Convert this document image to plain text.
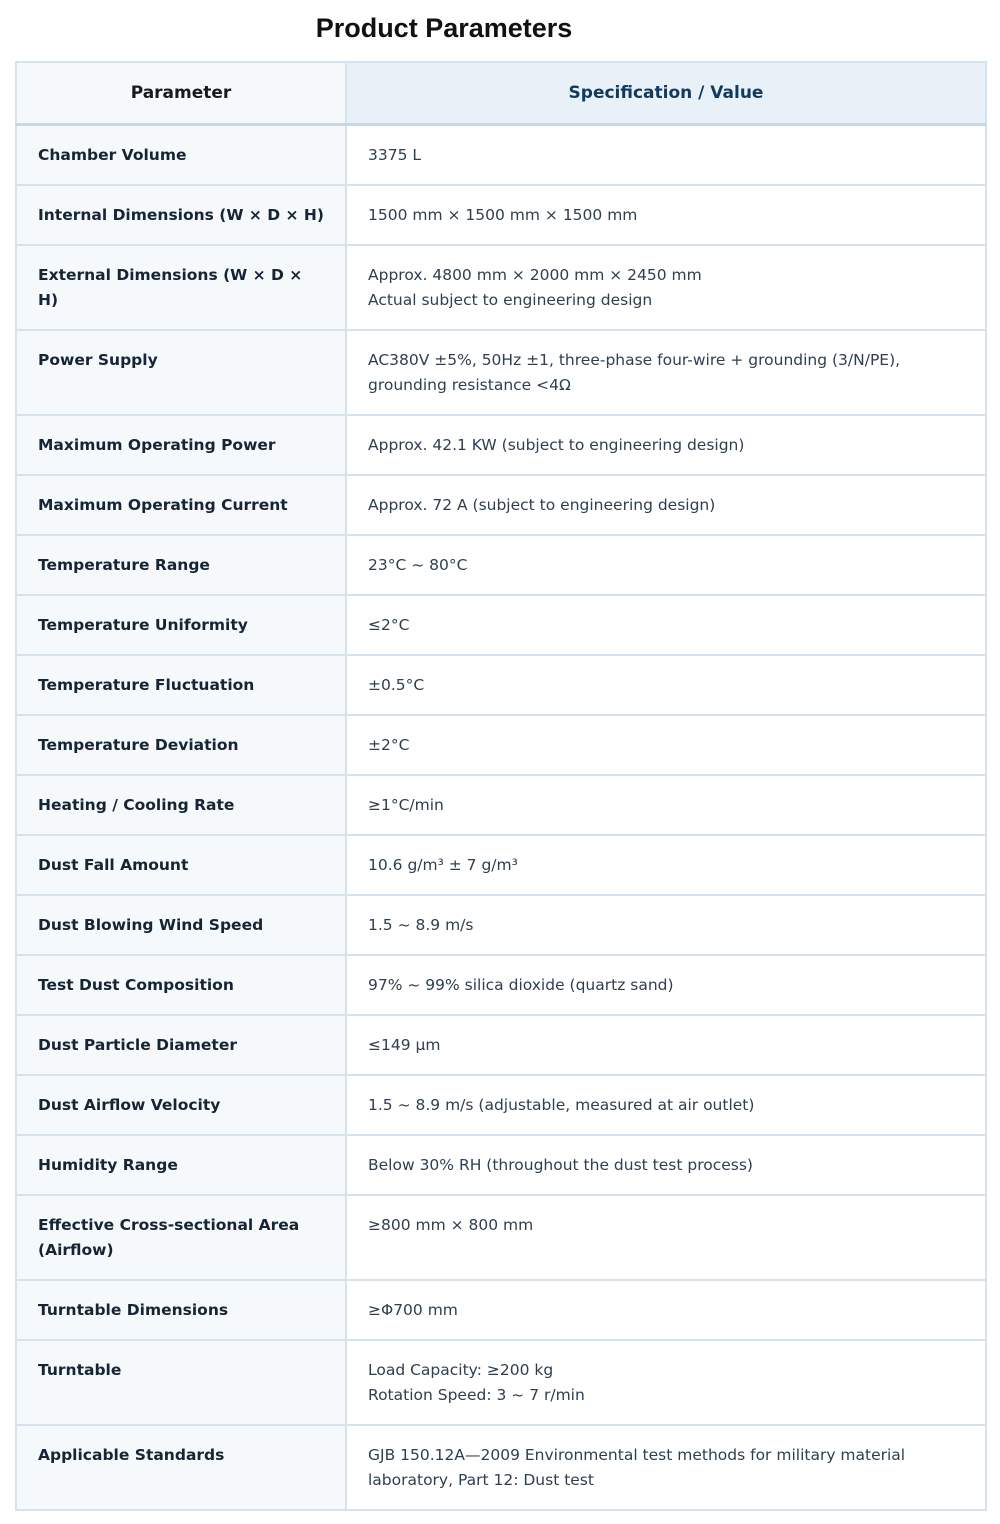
Product Parameters
Parameter	Specification / Value
Chamber Volume	3375 L
Internal Dimensions (W × D × H)	1500 mm × 1500 mm × 1500 mm
External Dimensions (W × D × H)	Approx. 4800 mm × 2000 mm × 2450 mm
Actual subject to engineering design

Power Supply	AC380V ±5%, 50Hz ±1, three-phase four-wire + grounding (3/N/PE), grounding resistance <4Ω
Maximum Operating Power	Approx. 42.1 KW (subject to engineering design)
Maximum Operating Current	Approx. 72 A (subject to engineering design)
Temperature Range	23°C ~ 80°C
Temperature Uniformity	≤2°C
Temperature Fluctuation	±0.5°C
Temperature Deviation	±2°C
Heating / Cooling Rate	≥1°C/min
Dust Fall Amount	10.6 g/m³ ± 7 g/m³
Dust Blowing Wind Speed	1.5 ~ 8.9 m/s
Test Dust Composition	97% ~ 99% silica dioxide (quartz sand)
Dust Particle Diameter	≤149 μm
Dust Airflow Velocity	1.5 ~ 8.9 m/s (adjustable, measured at air outlet)
Humidity Range	Below 30% RH (throughout the dust test process)
Effective Cross-sectional Area (Airflow)	≥800 mm × 800 mm
Turntable Dimensions	≥Φ700 mm
Turntable	Load Capacity: ≥200 kg
Rotation Speed: 3 ~ 7 r/min

Applicable Standards	GJB 150.12A—2009 Environmental test methods for military material laboratory, Part 12: Dust test
